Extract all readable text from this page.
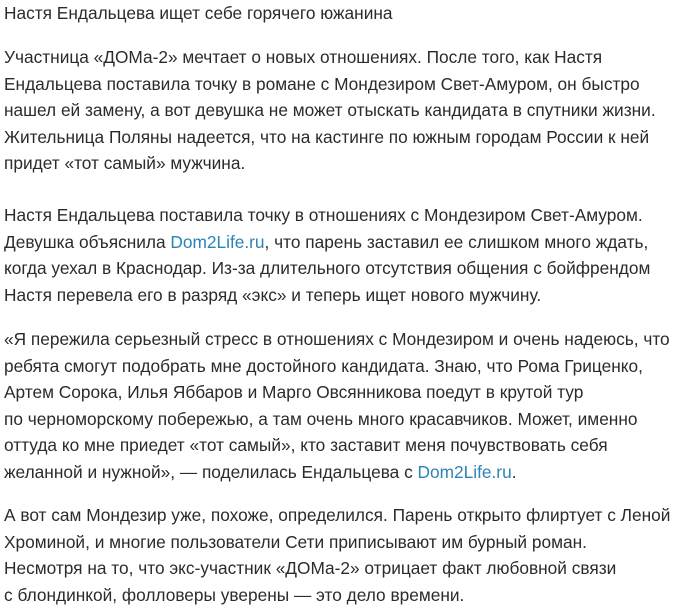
Настя Ендальцева ищет себе горячего южанина
Участница «ДОМа-2» мечтает о новых отношениях. После того, как Настя
Ендальцева поставила точку в романе с Мондезиром Свет-Амуром, он быстро
нашел ей замену, а вот девушка не может отыскать кандидата в спутники жизни.
Жительница Поляны надеется, что на кастинге по южным городам России к ней
придет «тот самый» мужчина.
Настя Ендальцева поставила точку в отношениях с Мондезиром Свет-Амуром.
Девушка объяснила Dom2Life.ru, что парень заставил ее слишком много ждать,
когда уехал в Краснодар. Из-за длительного отсутствия общения с бойфрендом
Настя перевела его в разряд «экс» и теперь ищет нового мужчину.
«Я пережила серьезный стресс в отношениях с Мондезиром и очень надеюсь, что
ребята смогут подобрать мне достойного кандидата. Знаю, что Рома Гриценко,
Артем Сорока, Илья Яббаров и Марго Овсянникова поедут в крутой тур
по черноморскому побережью, а там очень много красавчиков. Может, именно
оттуда ко мне приедет «тот самый», кто заставит меня почувствовать себя
желанной и нужной», — поделилась Ендальцева с Dom2Life.ru.
А вот сам Мондезир уже, похоже, определился. Парень открыто флиртует с Леной
Хроминой, и многие пользователи Сети приписывают им бурный роман.
Несмотря на то, что экс-участник «ДОМа-2» отрицает факт любовной связи
с блондинкой, фолловеры уверены — это дело времени.
